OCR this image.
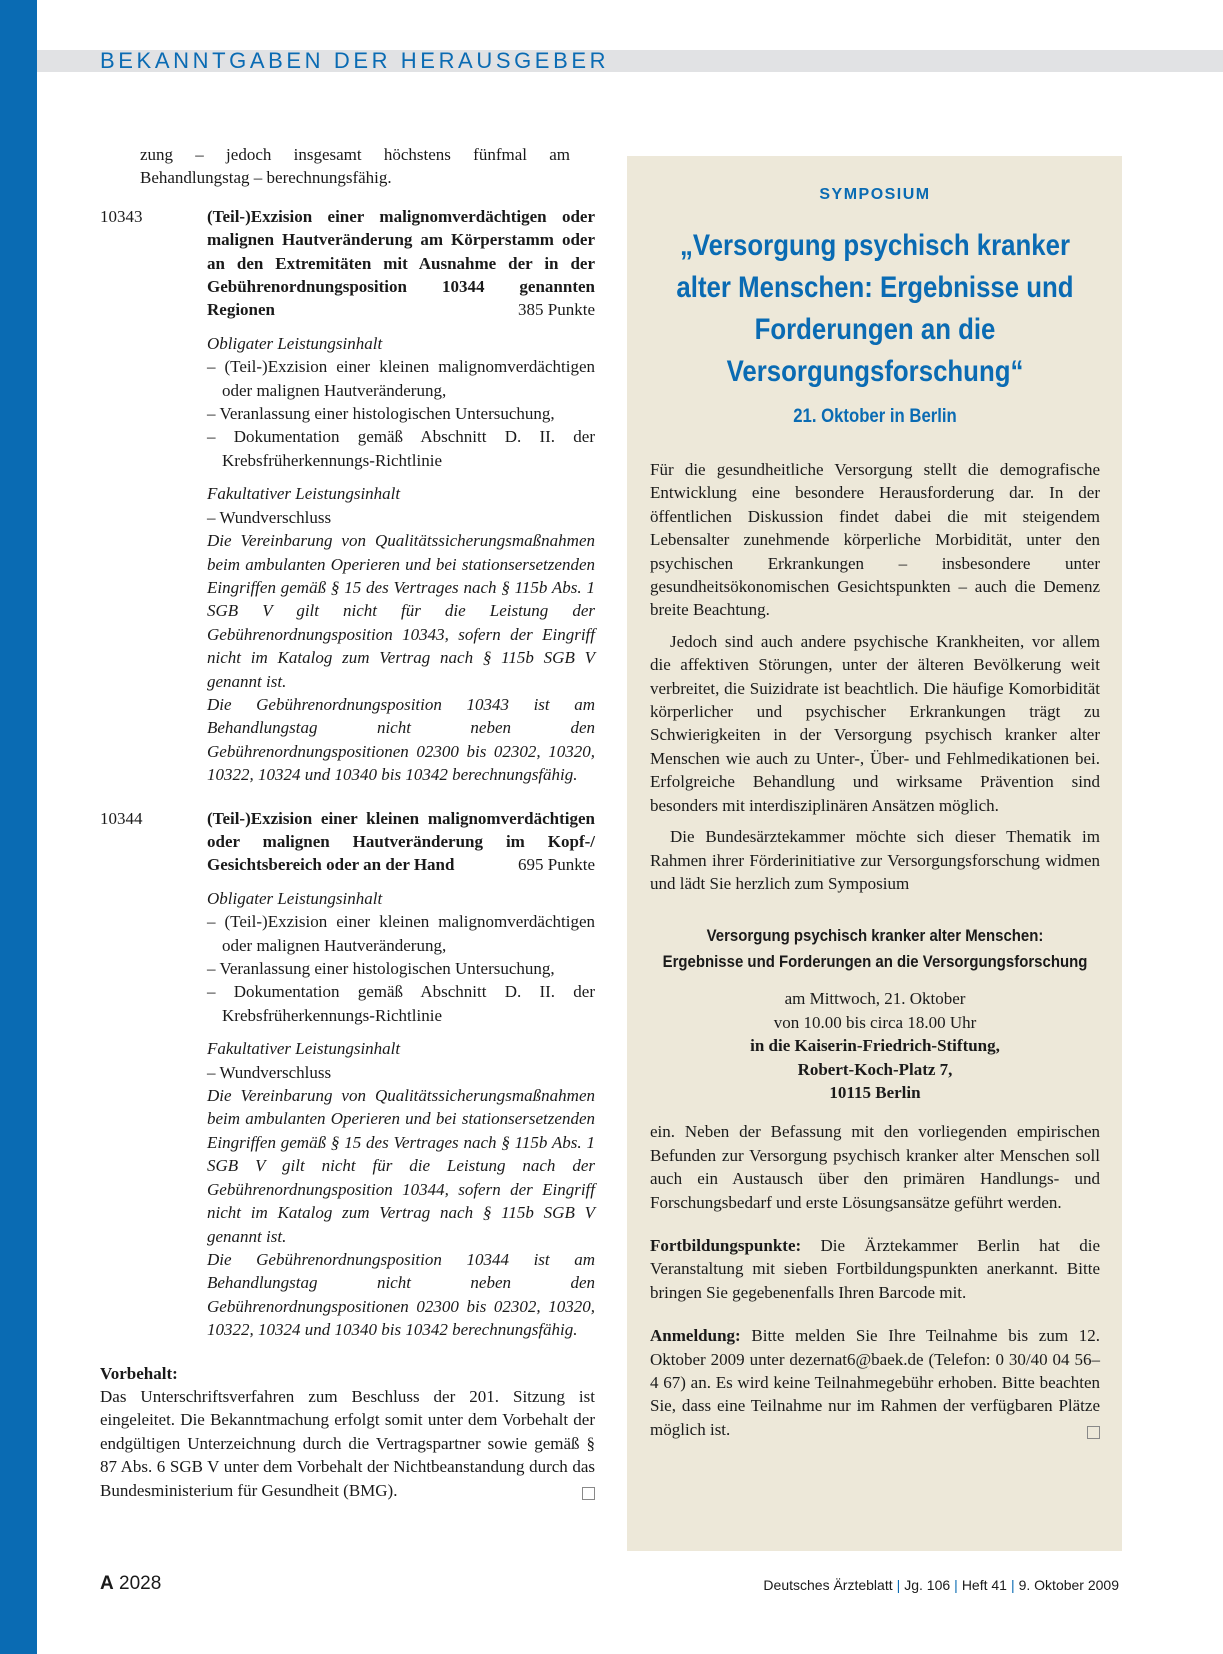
BEKANNTGABEN DER HERAUSGEBER

zung – jedoch insgesamt höchstens fünfmal am Behandlungstag – berechnungsfähig.

10343	(Teil-)Exzision einer malignomverdächtigen oder malignen Hautveränderung am Körperstamm oder an den Extremitäten mit Ausnahme der in der Gebührenordnungsposition 10344 genannten Regionen	385 Punkte
Obligater Leistungsinhalt
– (Teil-)Exzision einer kleinen malignomverdächtigen oder malignen Hautveränderung,
– Veranlassung einer histologischen Untersuchung,
– Dokumentation gemäß Abschnitt D. II. der Krebsfrüherkennungs-Richtlinie
Fakultativer Leistungsinhalt
– Wundverschluss
Die Vereinbarung von Qualitätssicherungsmaßnahmen beim ambulanten Operieren und bei stationsersetzenden Eingriffen gemäß § 15 des Vertrages nach § 115b Abs. 1 SGB V gilt nicht für die Leistung der Gebührenordnungsposition 10343, sofern der Eingriff nicht im Katalog zum Vertrag nach § 115b SGB V genannt ist.
Die Gebührenordnungsposition 10343 ist am Behandlungstag nicht neben den Gebührenordnungspositionen 02300 bis 02302, 10320, 10322, 10324 und 10340 bis 10342 berechnungsfähig.
10344	(Teil-)Exzision einer kleinen malignomverdächtigen oder malignen Hautveränderung im Kopf-/ Gesichtsbereich oder an der Hand	695 Punkte
Obligater Leistungsinhalt
– (Teil-)Exzision einer kleinen malignomverdächtigen oder malignen Hautveränderung,
– Veranlassung einer histologischen Untersuchung,
– Dokumentation gemäß Abschnitt D. II. der Krebsfrüherkennungs-Richtlinie
Fakultativer Leistungsinhalt
– Wundverschluss
Die Vereinbarung von Qualitätssicherungsmaßnahmen beim ambulanten Operieren und bei stationsersetzenden Eingriffen gemäß § 15 des Vertrages nach § 115b Abs. 1 SGB V gilt nicht für die Leistung nach der Gebührenordnungsposition 10344, sofern der Eingriff nicht im Katalog zum Vertrag nach § 115b SGB V genannt ist.
Die Gebührenordnungsposition 10344 ist am Behandlungstag nicht neben den Gebührenordnungspositionen 02300 bis 02302, 10320, 10322, 10324 und 10340 bis 10342 berechnungsfähig.
Vorbehalt:
Das Unterschriftsverfahren zum Beschluss der 201. Sitzung ist eingeleitet. Die Bekanntmachung erfolgt somit unter dem Vorbehalt der endgültigen Unterzeichnung durch die Vertragspartner sowie gemäß § 87 Abs. 6 SGB V unter dem Vorbehalt der Nichtbeanstandung durch das Bundesministerium für Gesundheit (BMG).
SYMPOSIUM
„Versorgung psychisch kranker alter Menschen: Ergebnisse und Forderungen an die Versorgungsforschung“
21. Oktober in Berlin

Für die gesundheitliche Versorgung stellt die demografische Entwicklung eine besondere Herausforderung dar. In der öffentlichen Diskussion findet dabei die mit steigendem Lebensalter zunehmende körperliche Morbidität, unter den psychischen Erkrankungen – insbesondere unter gesundheitsökonomischen Gesichtspunkten – auch die Demenz breite Beachtung.

Jedoch sind auch andere psychische Krankheiten, vor allem die affektiven Störungen, unter der älteren Bevölkerung weit verbreitet, die Suizidrate ist beachtlich. Die häufige Komorbidität körperlicher und psychischer Erkrankungen trägt zu Schwierigkeiten in der Versorgung psychisch kranker alter Menschen wie auch zu Unter-, Über- und Fehlmedikationen bei. Erfolgreiche Behandlung und wirksame Prävention sind besonders mit interdisziplinären Ansätzen möglich.

Die Bundesärztekammer möchte sich dieser Thematik im Rahmen ihrer Förderinitiative zur Versorgungsforschung widmen und lädt Sie herzlich zum Symposium

Versorgung psychisch kranker alter Menschen:
Ergebnisse und Forderungen an die Versorgungsforschung
am Mittwoch, 21. Oktober
von 10.00 bis circa 18.00 Uhr
in die Kaiserin-Friedrich-Stiftung,
Robert-Koch-Platz 7,
10115 Berlin

ein. Neben der Befassung mit den vorliegenden empirischen Befunden zur Versorgung psychisch kranker alter Menschen soll auch ein Austausch über den primären Handlungs- und Forschungsbedarf und erste Lösungsansätze geführt werden.

Fortbildungspunkte: Die Ärztekammer Berlin hat die Veranstaltung mit sieben Fortbildungspunkten anerkannt. Bitte bringen Sie gegebenenfalls Ihren Barcode mit.

Anmeldung: Bitte melden Sie Ihre Teilnahme bis zum 12. Oktober 2009 unter dezernat6@baek.de (Telefon: 0 30/40 04 56–4 67) an. Es wird keine Teilnahmegebühr erhoben. Bitte beachten Sie, dass eine Teilnahme nur im Rahmen der verfügbaren Plätze möglich ist.

A 2028	Deutsches Ärzteblatt | Jg. 106 | Heft 41 | 9. Oktober 2009
